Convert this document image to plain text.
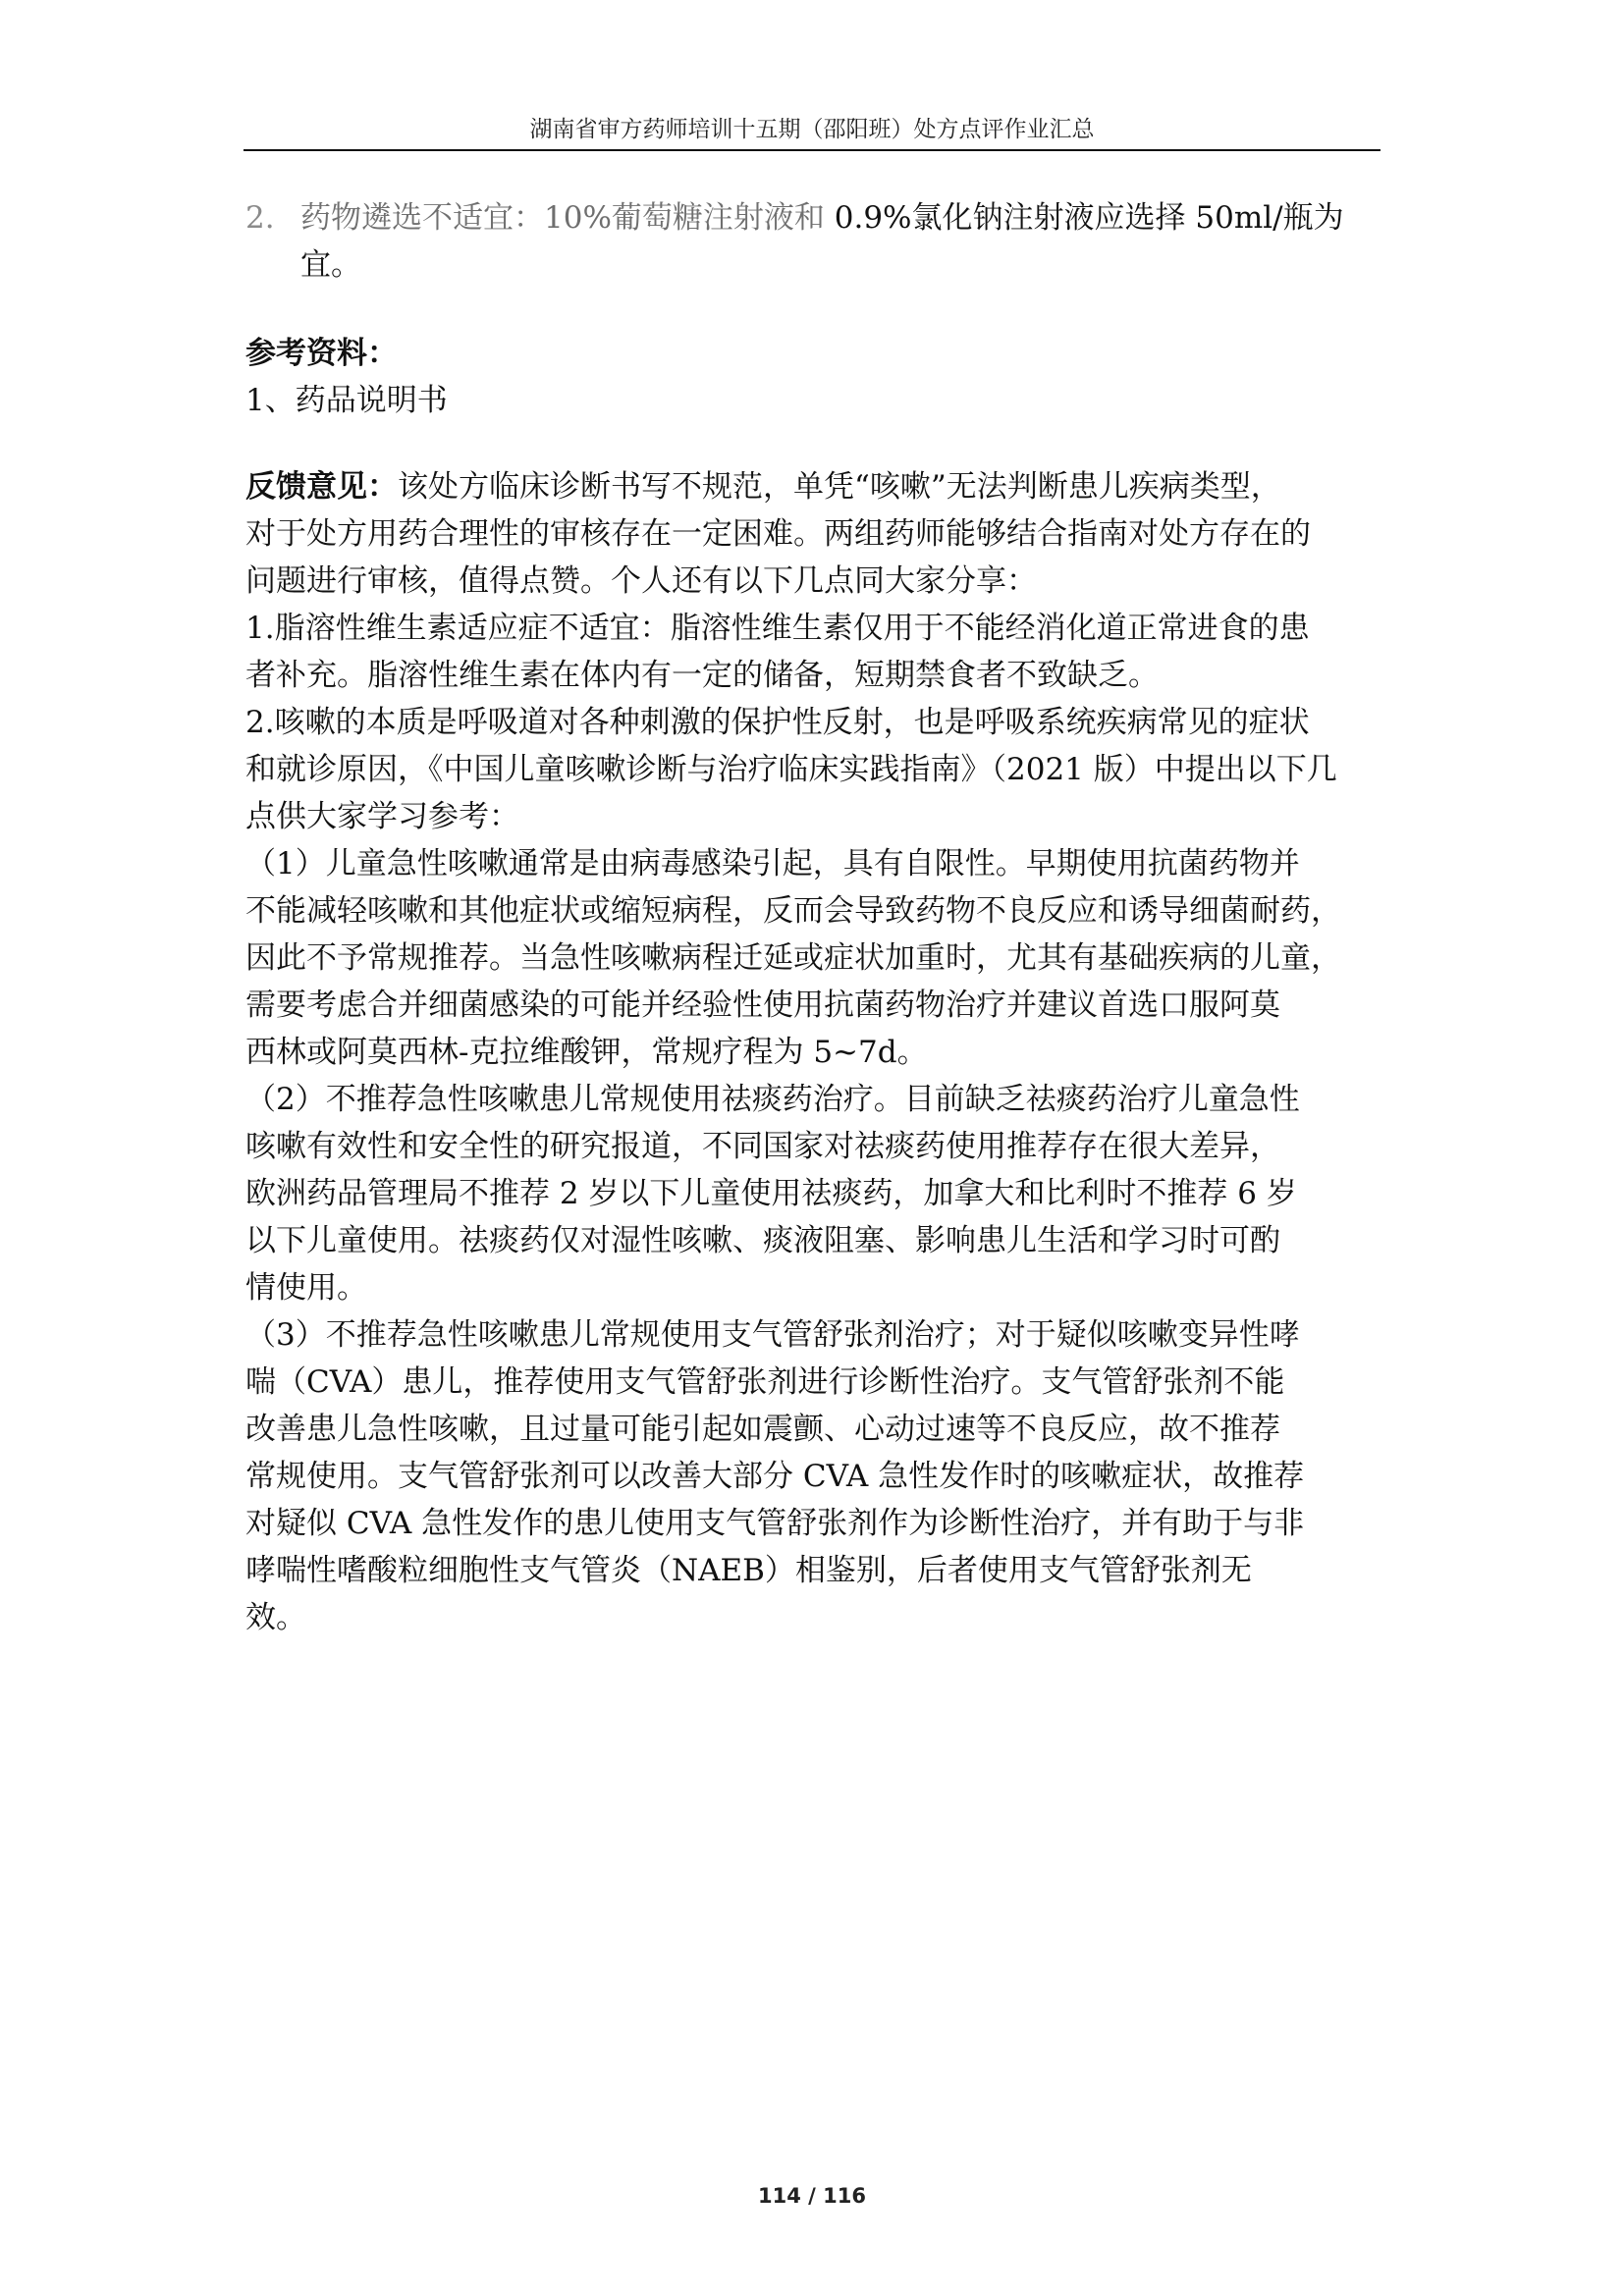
湖南省审方药师培训十五期（邵阳班）处方点评作业汇总
2. 药物遴选不适宜：10%葡萄糖注射液和 0.9%氯化钠注射液应选择 50ml/瓶为
宜。
参考资料：
1、药品说明书
反馈意见：该处方临床诊断书写不规范，单凭“咳嗽”无法判断患儿疾病类型，
对于处方用药合理性的审核存在一定困难。两组药师能够结合指南对处方存在的
问题进行审核，值得点赞。个人还有以下几点同大家分享：
1.脂溶性维生素适应症不适宜：脂溶性维生素仅用于不能经消化道正常进食的患
者补充。脂溶性维生素在体内有一定的储备，短期禁食者不致缺乏。
2.咳嗽的本质是呼吸道对各种刺激的保护性反射，也是呼吸系统疾病常见的症状
和就诊原因，《中国儿童咳嗽诊断与治疗临床实践指南》（2021 版）中提出以下几
点供大家学习参考：
（1）儿童急性咳嗽通常是由病毒感染引起，具有自限性。早期使用抗菌药物并
不能减轻咳嗽和其他症状或缩短病程，反而会导致药物不良反应和诱导细菌耐药，
因此不予常规推荐。当急性咳嗽病程迁延或症状加重时，尤其有基础疾病的儿童，
需要考虑合并细菌感染的可能并经验性使用抗菌药物治疗并建议首选口服阿莫
西林或阿莫西林-克拉维酸钾，常规疗程为 5~7d。
（2）不推荐急性咳嗽患儿常规使用祛痰药治疗。目前缺乏祛痰药治疗儿童急性
咳嗽有效性和安全性的研究报道，不同国家对祛痰药使用推荐存在很大差异，
欧洲药品管理局不推荐 2 岁以下儿童使用祛痰药，加拿大和比利时不推荐 6 岁
以下儿童使用。祛痰药仅对湿性咳嗽、痰液阻塞、影响患儿生活和学习时可酌
情使用。
（3）不推荐急性咳嗽患儿常规使用支气管舒张剂治疗；对于疑似咳嗽变异性哮
喘（CVA）患儿，推荐使用支气管舒张剂进行诊断性治疗。支气管舒张剂不能
改善患儿急性咳嗽，且过量可能引起如震颤、心动过速等不良反应，故不推荐
常规使用。支气管舒张剂可以改善大部分 CVA 急性发作时的咳嗽症状，故推荐
对疑似 CVA 急性发作的患儿使用支气管舒张剂作为诊断性治疗，并有助于与非
哮喘性嗜酸粒细胞性支气管炎（NAEB）相鉴别，后者使用支气管舒张剂无
效。
114 / 116
